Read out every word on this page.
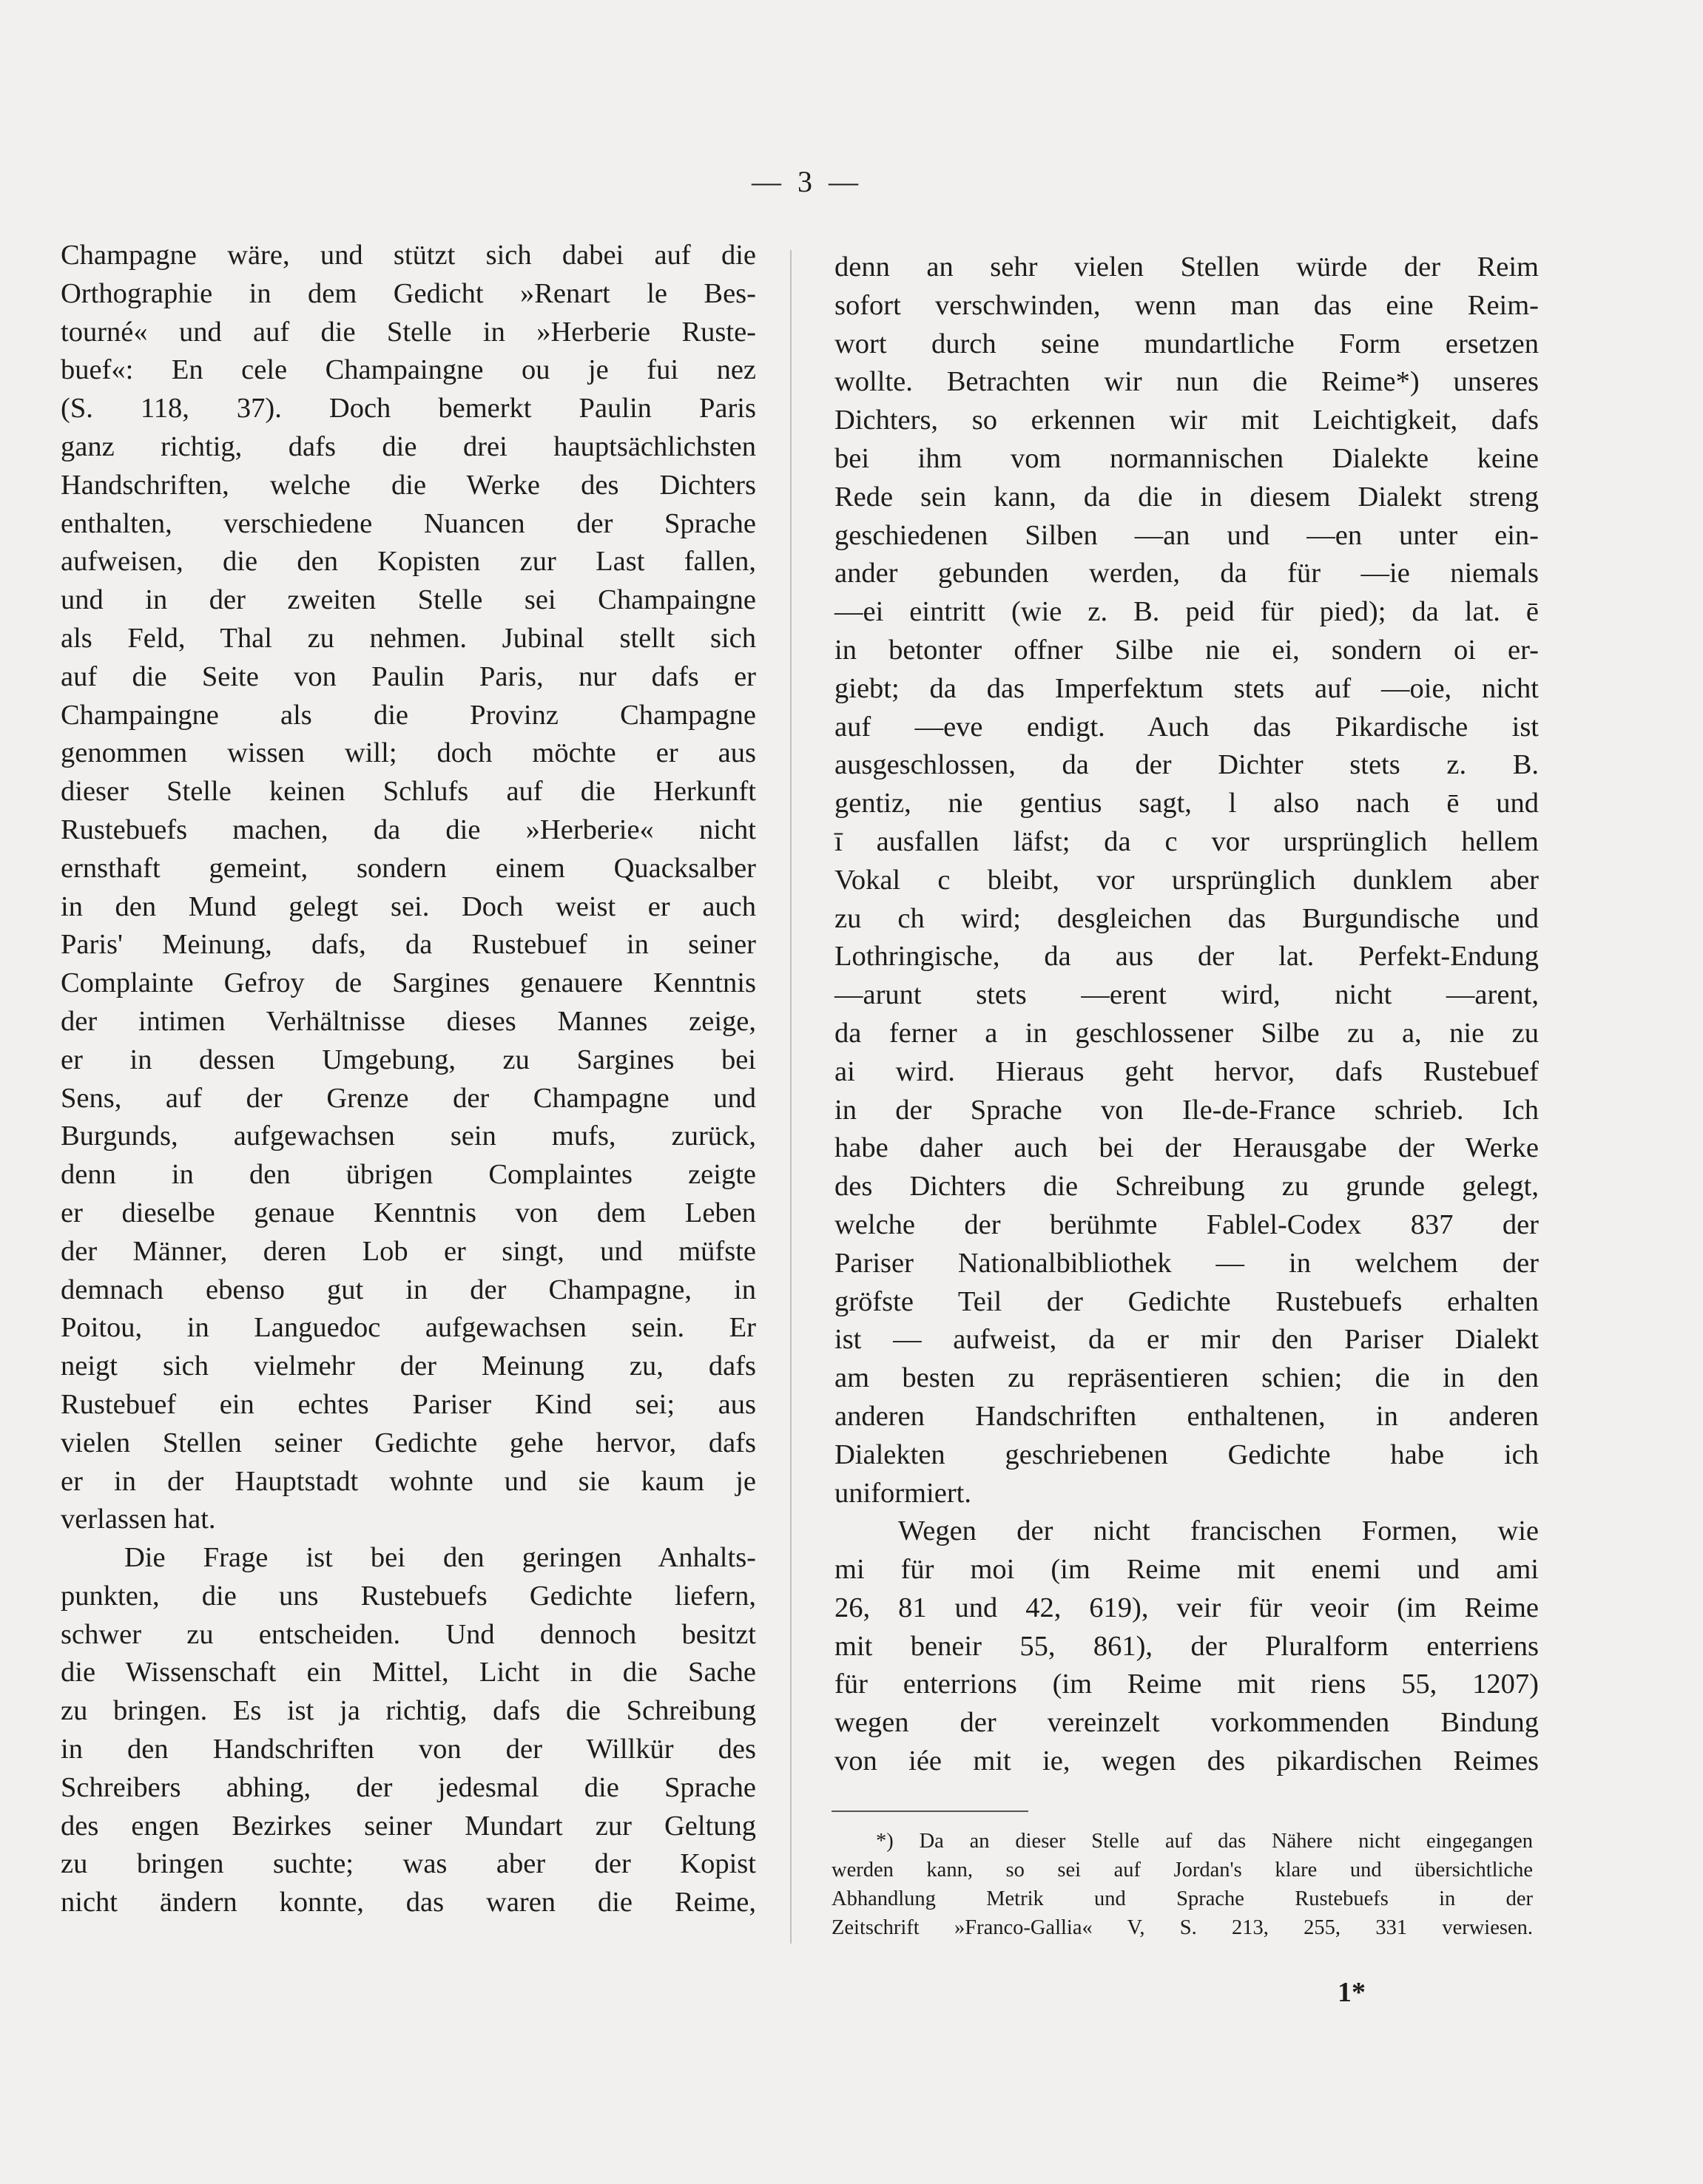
— 3 —
Champagne wäre, und stützt sich dabei auf die
Orthographie in dem Gedicht »Renart le Bes-
tourné« und auf die Stelle in »Herberie Ruste-
buef«: En cele Champaingne ou je fui nez
(S. 118, 37). Doch bemerkt Paulin Paris
ganz richtig, dafs die drei hauptsächlichsten
Handschriften, welche die Werke des Dichters
enthalten, verschiedene Nuancen der Sprache
aufweisen, die den Kopisten zur Last fallen,
und in der zweiten Stelle sei Champaingne
als Feld, Thal zu nehmen. Jubinal stellt sich
auf die Seite von Paulin Paris, nur dafs er
Champaingne als die Provinz Champagne
genommen wissen will; doch möchte er aus
dieser Stelle keinen Schlufs auf die Herkunft
Rustebuefs machen, da die »Herberie« nicht
ernsthaft gemeint, sondern einem Quacksalber
in den Mund gelegt sei. Doch weist er auch
Paris' Meinung, dafs, da Rustebuef in seiner
Complainte Gefroy de Sargines genauere Kenntnis
der intimen Verhältnisse dieses Mannes zeige,
er in dessen Umgebung, zu Sargines bei
Sens, auf der Grenze der Champagne und
Burgunds, aufgewachsen sein mufs, zurück,
denn in den übrigen Complaintes zeigte
er dieselbe genaue Kenntnis von dem Leben
der Männer, deren Lob er singt, und müfste
demnach ebenso gut in der Champagne, in
Poitou, in Languedoc aufgewachsen sein. Er
neigt sich vielmehr der Meinung zu, dafs
Rustebuef ein echtes Pariser Kind sei; aus
vielen Stellen seiner Gedichte gehe hervor, dafs
er in der Hauptstadt wohnte und sie kaum je
verlassen hat.
Die Frage ist bei den geringen Anhalts-
punkten, die uns Rustebuefs Gedichte liefern,
schwer zu entscheiden. Und dennoch besitzt
die Wissenschaft ein Mittel, Licht in die Sache
zu bringen. Es ist ja richtig, dafs die Schreibung
in den Handschriften von der Willkür des
Schreibers abhing, der jedesmal die Sprache
des engen Bezirkes seiner Mundart zur Geltung
zu bringen suchte; was aber der Kopist
nicht ändern konnte, das waren die Reime,
denn an sehr vielen Stellen würde der Reim
sofort verschwinden, wenn man das eine Reim-
wort durch seine mundartliche Form ersetzen
wollte. Betrachten wir nun die Reime*) unseres
Dichters, so erkennen wir mit Leichtigkeit, dafs
bei ihm vom normannischen Dialekte keine
Rede sein kann, da die in diesem Dialekt streng
geschiedenen Silben —an und —en unter ein-
ander gebunden werden, da für —ie niemals
—ei eintritt (wie z. B. peid für pied); da lat. ē
in betonter offner Silbe nie ei, sondern oi er-
giebt; da das Imperfektum stets auf —oie, nicht
auf —eve endigt. Auch das Pikardische ist
ausgeschlossen, da der Dichter stets z. B.
gentiz, nie gentius sagt, l also nach ē und
ī ausfallen läfst; da c vor ursprünglich hellem
Vokal c bleibt, vor ursprünglich dunklem aber
zu ch wird; desgleichen das Burgundische und
Lothringische, da aus der lat. Perfekt-Endung
—arunt stets —erent wird, nicht —arent,
da ferner a in geschlossener Silbe zu a, nie zu
ai wird. Hieraus geht hervor, dafs Rustebuef
in der Sprache von Ile-de-France schrieb. Ich
habe daher auch bei der Herausgabe der Werke
des Dichters die Schreibung zu grunde gelegt,
welche der berühmte Fablel-Codex 837 der
Pariser Nationalbibliothek — in welchem der
gröfste Teil der Gedichte Rustebuefs erhalten
ist — aufweist, da er mir den Pariser Dialekt
am besten zu repräsentieren schien; die in den
anderen Handschriften enthaltenen, in anderen
Dialekten geschriebenen Gedichte habe ich
uniformiert.
Wegen der nicht francischen Formen, wie
mi für moi (im Reime mit enemi und ami
26, 81 und 42, 619), veir für veoir (im Reime
mit beneir 55, 861), der Pluralform enterriens
für enterrions (im Reime mit riens 55, 1207)
wegen der vereinzelt vorkommenden Bindung
von iée mit ie, wegen des pikardischen Reimes
*) Da an dieser Stelle auf das Nähere nicht eingegangen
werden kann, so sei auf Jordan's klare und übersichtliche
Abhandlung Metrik und Sprache Rustebuefs in der
Zeitschrift »Franco-Gallia« V, S. 213, 255, 331 verwiesen.
1*
